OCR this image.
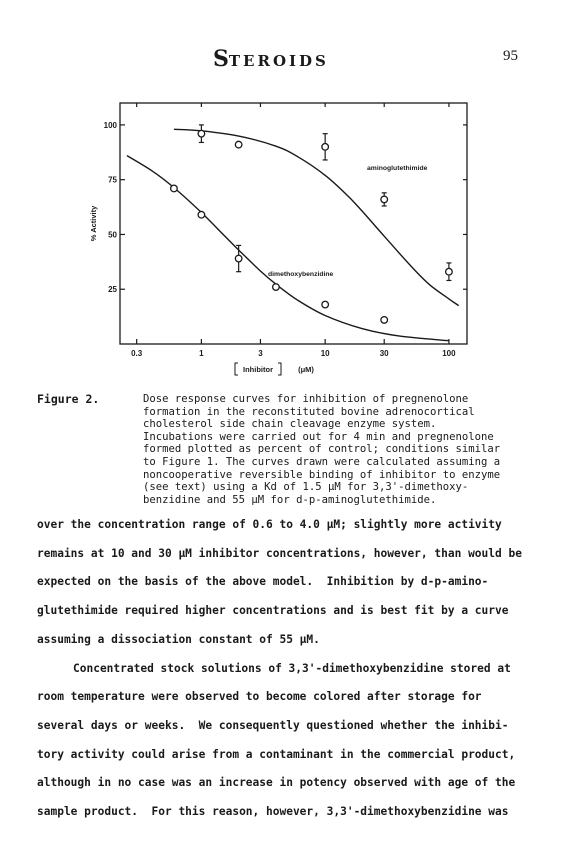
STEROIDS	95
0.3	1	3	10	30	100
25
50
75
100
% Activity
Inhibitor	(μM)
aminoglutethimide
dimethoxybenzidine
Figure 2.	Dose response curves for inhibition of pregnenolone
formation in the reconstituted bovine adrenocortical
cholesterol side chain cleavage enzyme system.
Incubations were carried out for 4 min and pregnenolone
formed plotted as percent of control; conditions similar
to Figure 1. The curves drawn were calculated assuming a
noncooperative reversible binding of inhibitor to enzyme
(see text) using a Kd of 1.5 μM for 3,3'-dimethoxy-
benzidine and 55 μM for d-p-aminoglutethimide.
over the concentration range of 0.6 to 4.0 μM; slightly more activity
remains at 10 and 30 μM inhibitor concentrations, however, than would be
expected on the basis of the above model.  Inhibition by d-p-amino-
glutethimide required higher concentrations and is best fit by a curve
assuming a dissociation constant of 55 μM.
Concentrated stock solutions of 3,3'-dimethoxybenzidine stored at
room temperature were observed to become colored after storage for
several days or weeks.  We consequently questioned whether the inhibi-
tory activity could arise from a contaminant in the commercial product,
although in no case was an increase in potency observed with age of the
sample product.  For this reason, however, 3,3'-dimethoxybenzidine was
